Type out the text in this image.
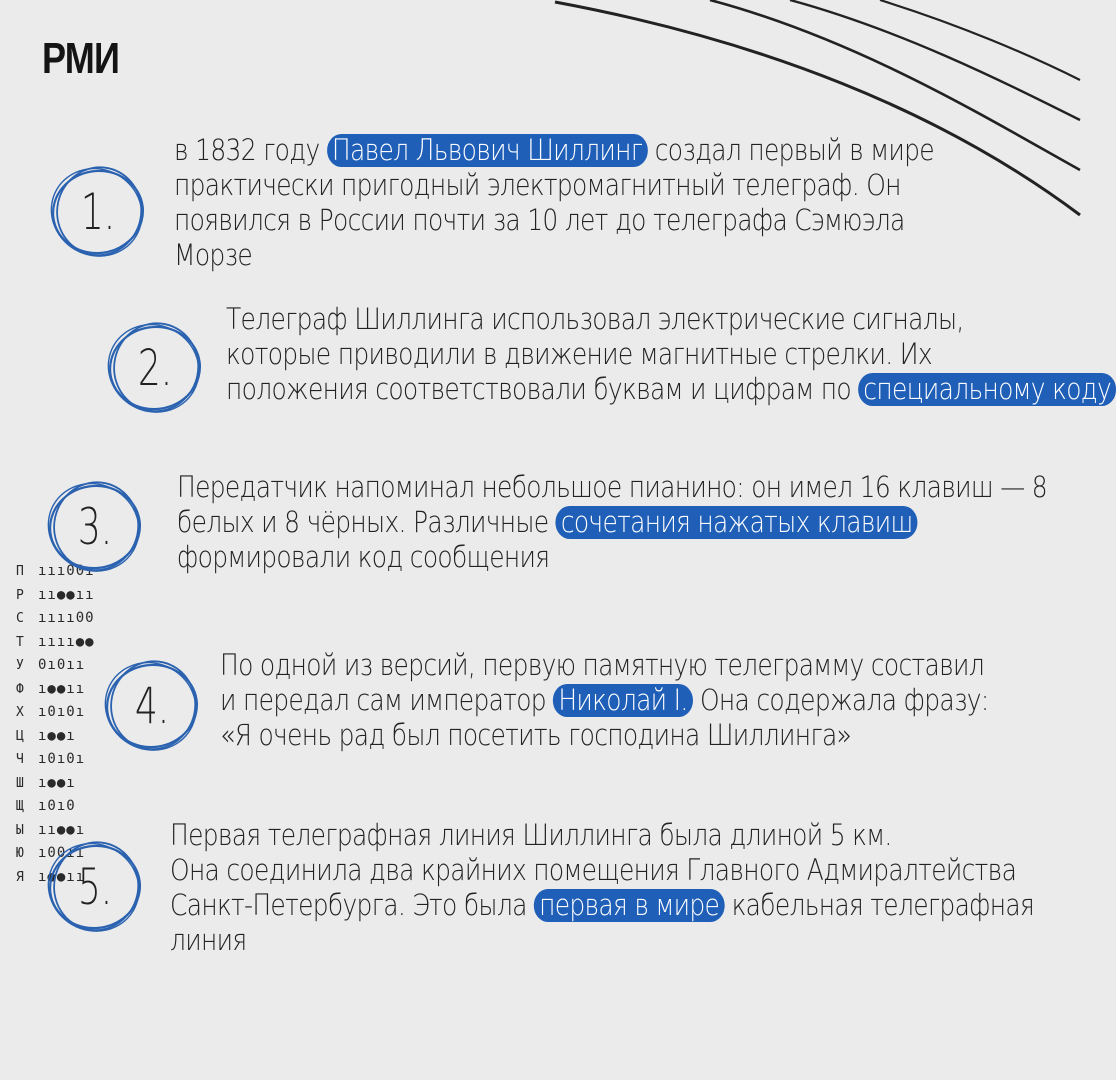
РМИ
П	ııı00ı
Р	ıı●●ıı
С	ıııı00
Т	ıııı●●
У	0ı0ıı
Ф	ı●●ıı
Х	ı0ı0ı
Ц	ı●●ı
Ч	ı0ı0ı
Ш	ı●●ı
Щ	ı0ı0
Ы	ıı●●ı
Ю	ı00ıı
Я	ı●●ıı
1.
в 1832 году Павел Львович Шиллинг создал первый в мире
практически пригодный электромагнитный телеграф. Он
появился в России почти за 10 лет до телеграфа Сэмюэла
Морзе
2.
Телеграф Шиллинга использовал электрические сигналы,
которые приводили в движение магнитные стрелки. Их
положения соответствовали буквам и цифрам по специальному коду
3.
Передатчик напоминал небольшое пианино: он имел 16 клавиш — 8
белых и 8 чёрных. Различные сочетания нажатых клавиш
формировали код сообщения
4.
По одной из версий, первую памятную телеграмму составил
и передал сам император Николай I. Она содержала фразу:
«Я очень рад был посетить господина Шиллинга»
5.
Первая телеграфная линия Шиллинга была длиной 5 км.
Она соединила два крайних помещения Главного Адмиралтейства
Санкт-Петербурга. Это была первая в мире кабельная телеграфная
линия
